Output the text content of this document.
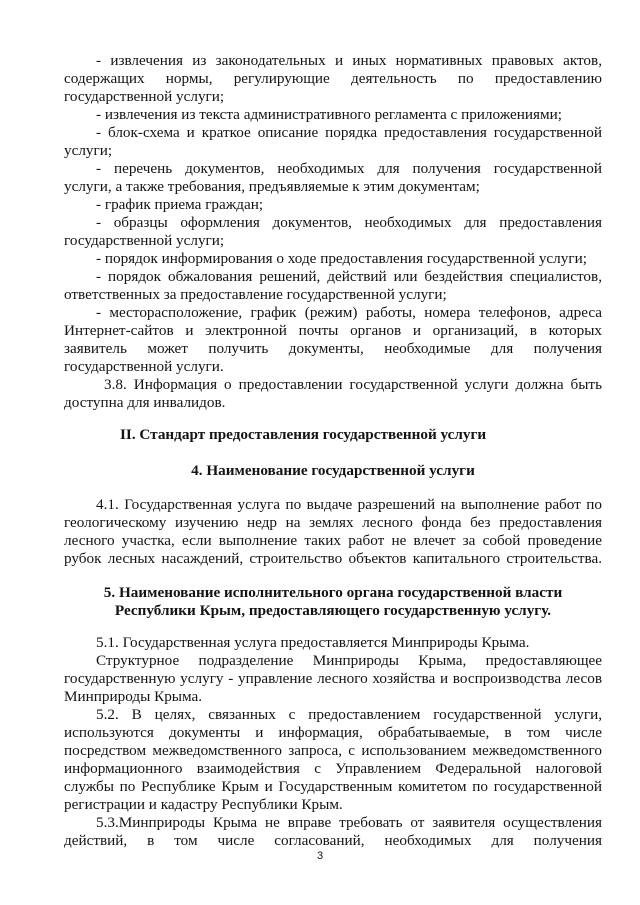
- извлечения из законодательных и иных нормативных правовых актов,
содержащих нормы, регулирующие деятельность по предоставлению
государственной услуги;
- извлечения из текста административного регламента с приложениями;
- блок-схема и краткое описание порядка предоставления государственной
услуги;
- перечень документов, необходимых для получения государственной
услуги, а также требования, предъявляемые к этим документам;
- график приема граждан;
- образцы оформления документов, необходимых для предоставления
государственной услуги;
- порядок информирования о ходе предоставления государственной услуги;
- порядок обжалования решений, действий или бездействия специалистов,
ответственных за предоставление государственной услуги;
- месторасположение, график (режим) работы, номера телефонов, адреса
Интернет-сайтов и электронной почты органов и организаций, в которых
заявитель может получить документы, необходимые для получения
государственной услуги.
3.8. Информация о предоставлении государственной услуги должна быть
доступна для инвалидов.
II. Стандарт предоставления государственной услуги
4. Наименование государственной услуги
4.1. Государственная услуга по выдаче разрешений на выполнение работ по
геологическому изучению недр на землях лесного фонда без предоставления
лесного участка, если выполнение таких работ не влечет за собой проведение
рубок лесных насаждений, строительство объектов капитального строительства.
5. Наименование исполнительного органа государственной власти
Республики Крым, предоставляющего государственную услугу.
5.1. Государственная услуга предоставляется Минприроды Крыма.
Структурное подразделение Минприроды Крыма, предоставляющее
государственную услугу - управление лесного хозяйства и воспроизводства лесов
Минприроды Крыма.
5.2. В целях, связанных с предоставлением государственной услуги,
используются документы и информация, обрабатываемые, в том числе
посредством межведомственного запроса, с использованием межведомственного
информационного взаимодействия с Управлением Федеральной налоговой
службы по Республике Крым и Государственным комитетом по государственной
регистрации и кадастру Республики Крым.
5.3.Минприроды Крыма не вправе требовать от заявителя осуществления
действий, в том числе согласований, необходимых для получения
3
